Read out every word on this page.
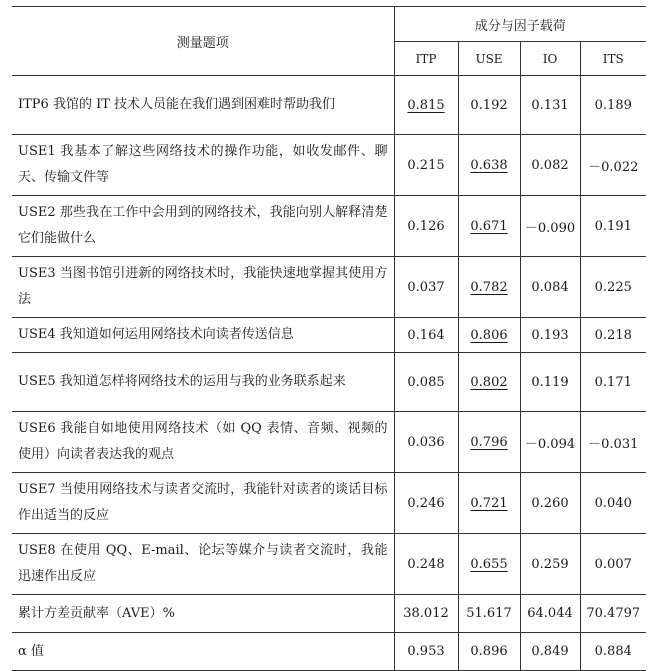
测量题项	成分与因子载荷			
	ITP	USE	IO	ITS
ITP6 我馆的 IT 技术人员能在我们遇到困难时帮助我们	0.815	0.192	0.131	0.189
USE1 我基本了解这些网络技术的操作功能，如收发邮件、聊天、传输文件等	0.215	0.638	0.082	－0.022
USE2 那些我在工作中会用到的网络技术，我能向别人解释清楚它们能做什么	0.126	0.671	－0.090	0.191
USE3 当图书馆引进新的网络技术时，我能快速地掌握其使用方法	0.037	0.782	0.084	0.225
USE4 我知道如何运用网络技术向读者传送信息	0.164	0.806	0.193	0.218
USE5 我知道怎样将网络技术的运用与我的业务联系起来	0.085	0.802	0.119	0.171
USE6 我能自如地使用网络技术（如 QQ 表情、音频、视频的使用）向读者表达我的观点	0.036	0.796	－0.094	－0.031
USE7 当使用网络技术与读者交流时，我能针对读者的谈话目标作出适当的反应	0.246	0.721	0.260	0.040
USE8 在使用 QQ、E-mail、论坛等媒介与读者交流时，我能迅速作出反应	0.248	0.655	0.259	0.007
累计方差贡献率（AVE）%	38.012	51.617	64.044	70.4797
α 值	0.953	0.896	0.849	0.884
